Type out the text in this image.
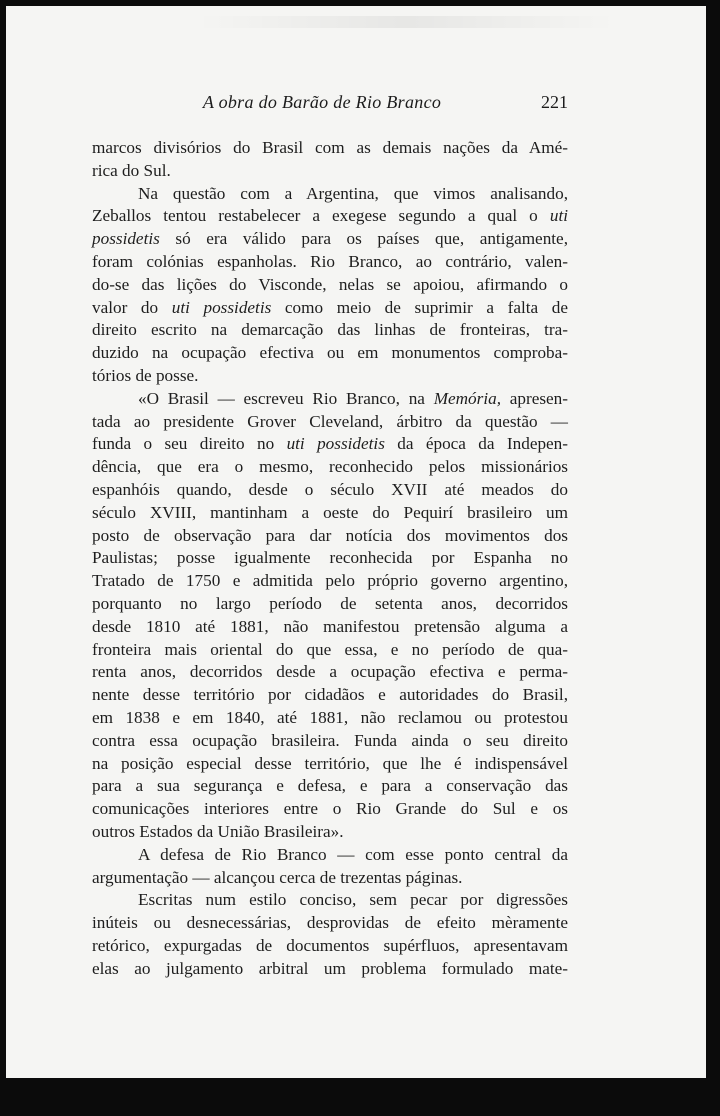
A obra do Barão de Rio Branco	221
marcos divisórios do Brasil com as demais nações da Amé-
rica do Sul.
Na questão com a Argentina, que vimos analisando,
Zeballos tentou restabelecer a exegese segundo a qual o uti
possidetis só era válido para os países que, antigamente,
foram colónias espanholas. Rio Branco, ao contrário, valen-
do-se das lições do Visconde, nelas se apoiou, afirmando o
valor do uti possidetis como meio de suprimir a falta de
direito escrito na demarcação das linhas de fronteiras, tra-
duzido na ocupação efectiva ou em monumentos comproba-
tórios de posse.
«O Brasil — escreveu Rio Branco, na Memória, apresen-
tada ao presidente Grover Cleveland, árbitro da questão —
funda o seu direito no uti possidetis da época da Indepen-
dência, que era o mesmo, reconhecido pelos missionários
espanhóis quando, desde o século XVII até meados do
século XVIII, mantinham a oeste do Pequirí brasileiro um
posto de observação para dar notícia dos movimentos dos
Paulistas; posse igualmente reconhecida por Espanha no
Tratado de 1750 e admitida pelo próprio governo argentino,
porquanto no largo período de setenta anos, decorridos
desde 1810 até 1881, não manifestou pretensão alguma a
fronteira mais oriental do que essa, e no período de qua-
renta anos, decorridos desde a ocupação efectiva e perma-
nente desse território por cidadãos e autoridades do Brasil,
em 1838 e em 1840, até 1881, não reclamou ou protestou
contra essa ocupação brasileira. Funda ainda o seu direito
na posição especial desse território, que lhe é indispensável
para a sua segurança e defesa, e para a conservação das
comunicações interiores entre o Rio Grande do Sul e os
outros Estados da União Brasileira».
A defesa de Rio Branco — com esse ponto central da
argumentação — alcançou cerca de trezentas páginas.
Escritas num estilo conciso, sem pecar por digressões
inúteis ou desnecessárias, desprovidas de efeito mèramente
retórico, expurgadas de documentos supérfluos, apresentavam
elas ao julgamento arbitral um problema formulado mate-
